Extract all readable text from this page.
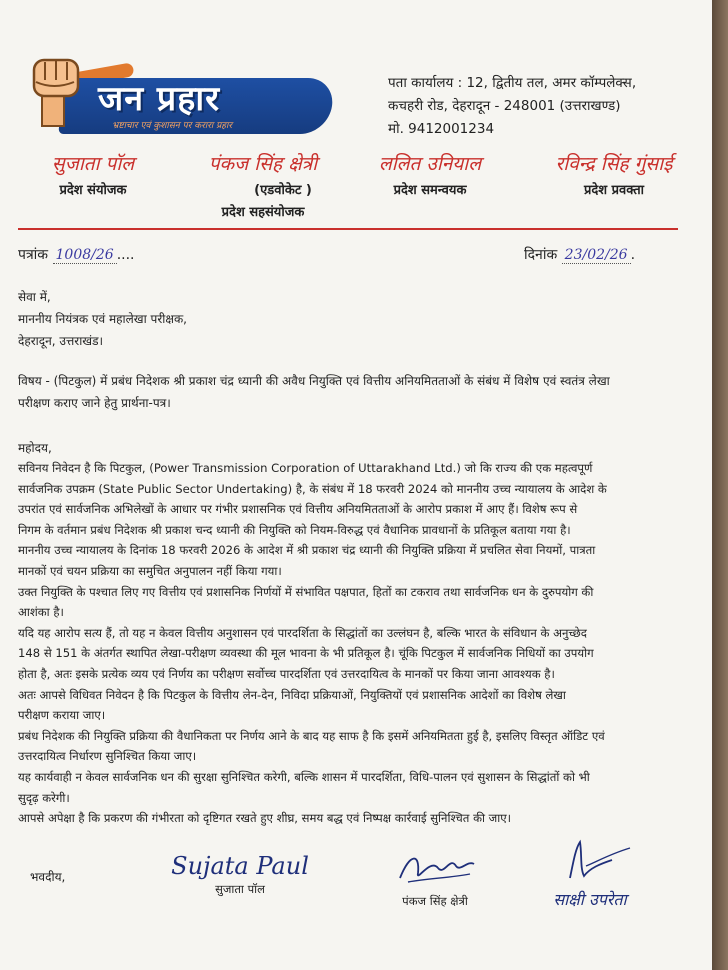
जन प्रहार
भ्रष्टाचार एवं कुशासन पर करारा प्रहार
पता कार्यालय : 12, द्वितीय तल, अमर कॉम्पलेक्स,
कचहरी रोड, देहरादून - 248001 (उत्तराखण्ड)
मो. 9412001234
सुजाता पॉल
प्रदेश संयोजक
पंकज सिंह क्षेत्री
(एडवोकेट )
प्रदेश सहसंयोजक
ललित उनियाल
प्रदेश समन्वयक
रविन्द्र सिंह गुंसाई
प्रदेश प्रवक्ता
पत्रांक 1008/26 ....	दिनांक 23/02/26 .
सेवा में,
माननीय नियंत्रक एवं महालेखा परीक्षक,
देहरादून, उत्तराखंड।
विषय - (पिटकुल) में प्रबंध निदेशक श्री प्रकाश चंद्र ध्यानी की अवैध नियुक्ति एवं वित्तीय अनियमितताओं के संबंध में विशेष एवं स्वतंत्र लेखा
परीक्षण कराए जाने हेतु प्रार्थना-पत्र।
महोदय,
सविनय निवेदन है कि पिटकुल, (Power Transmission Corporation of Uttarakhand Ltd.) जो कि राज्य की एक महत्वपूर्ण
सार्वजनिक उपक्रम (State Public Sector Undertaking) है, के संबंध में 18 फरवरी 2024 को माननीय उच्च न्यायालय के आदेश के
उपरांत एवं सार्वजनिक अभिलेखों के आधार पर गंभीर प्रशासनिक एवं वित्तीय अनियमितताओं के आरोप प्रकाश में आए हैं। विशेष रूप से
निगम के वर्तमान प्रबंध निदेशक श्री प्रकाश चन्द ध्यानी की नियुक्ति को नियम-विरुद्ध एवं वैधानिक प्रावधानों के प्रतिकूल बताया गया है।
माननीय उच्च न्यायालय के दिनांक 18 फरवरी 2026 के आदेश में श्री प्रकाश चंद्र ध्यानी की नियुक्ति प्रक्रिया में प्रचलित सेवा नियमों, पात्रता
मानकों एवं चयन प्रक्रिया का समुचित अनुपालन नहीं किया गया।
उक्त नियुक्ति के पश्चात लिए गए वित्तीय एवं प्रशासनिक निर्णयों में संभावित पक्षपात, हितों का टकराव तथा सार्वजनिक धन के दुरुपयोग की
आशंका है।
यदि यह आरोप सत्य हैं, तो यह न केवल वित्तीय अनुशासन एवं पारदर्शिता के सिद्धांतों का उल्लंघन है, बल्कि भारत के संविधान के अनुच्छेद
148 से 151 के अंतर्गत स्थापित लेखा-परीक्षण व्यवस्था की मूल भावना के भी प्रतिकूल है। चूंकि पिटकुल में सार्वजनिक निधियों का उपयोग
होता है, अतः इसके प्रत्येक व्यय एवं निर्णय का परीक्षण सर्वोच्च पारदर्शिता एवं उत्तरदायित्व के मानकों पर किया जाना आवश्यक है।
अतः आपसे विधिवत निवेदन है कि पिटकुल के वित्तीय लेन-देन, निविदा प्रक्रियाओं, नियुक्तियों एवं प्रशासनिक आदेशों का विशेष लेखा
परीक्षण कराया जाए।
प्रबंध निदेशक की नियुक्ति प्रक्रिया की वैधानिकता पर निर्णय आने के बाद यह साफ है कि इसमें अनियमितता हुई है, इसलिए विस्तृत ऑडिट एवं
उत्तरदायित्व निर्धारण सुनिश्चित किया जाए।
यह कार्यवाही न केवल सार्वजनिक धन की सुरक्षा सुनिश्चित करेगी, बल्कि शासन में पारदर्शिता, विधि-पालन एवं सुशासन के सिद्धांतों को भी
सुदृढ़ करेगी।
आपसे अपेक्षा है कि प्रकरण की गंभीरता को दृष्टिगत रखते हुए शीघ्र, समय बद्ध एवं निष्पक्ष कार्रवाई सुनिश्चित की जाए।
भवदीय,	Sujata Paul
सुजाता पॉल
पंकज सिंह क्षेत्री	साक्षी उपरेता
